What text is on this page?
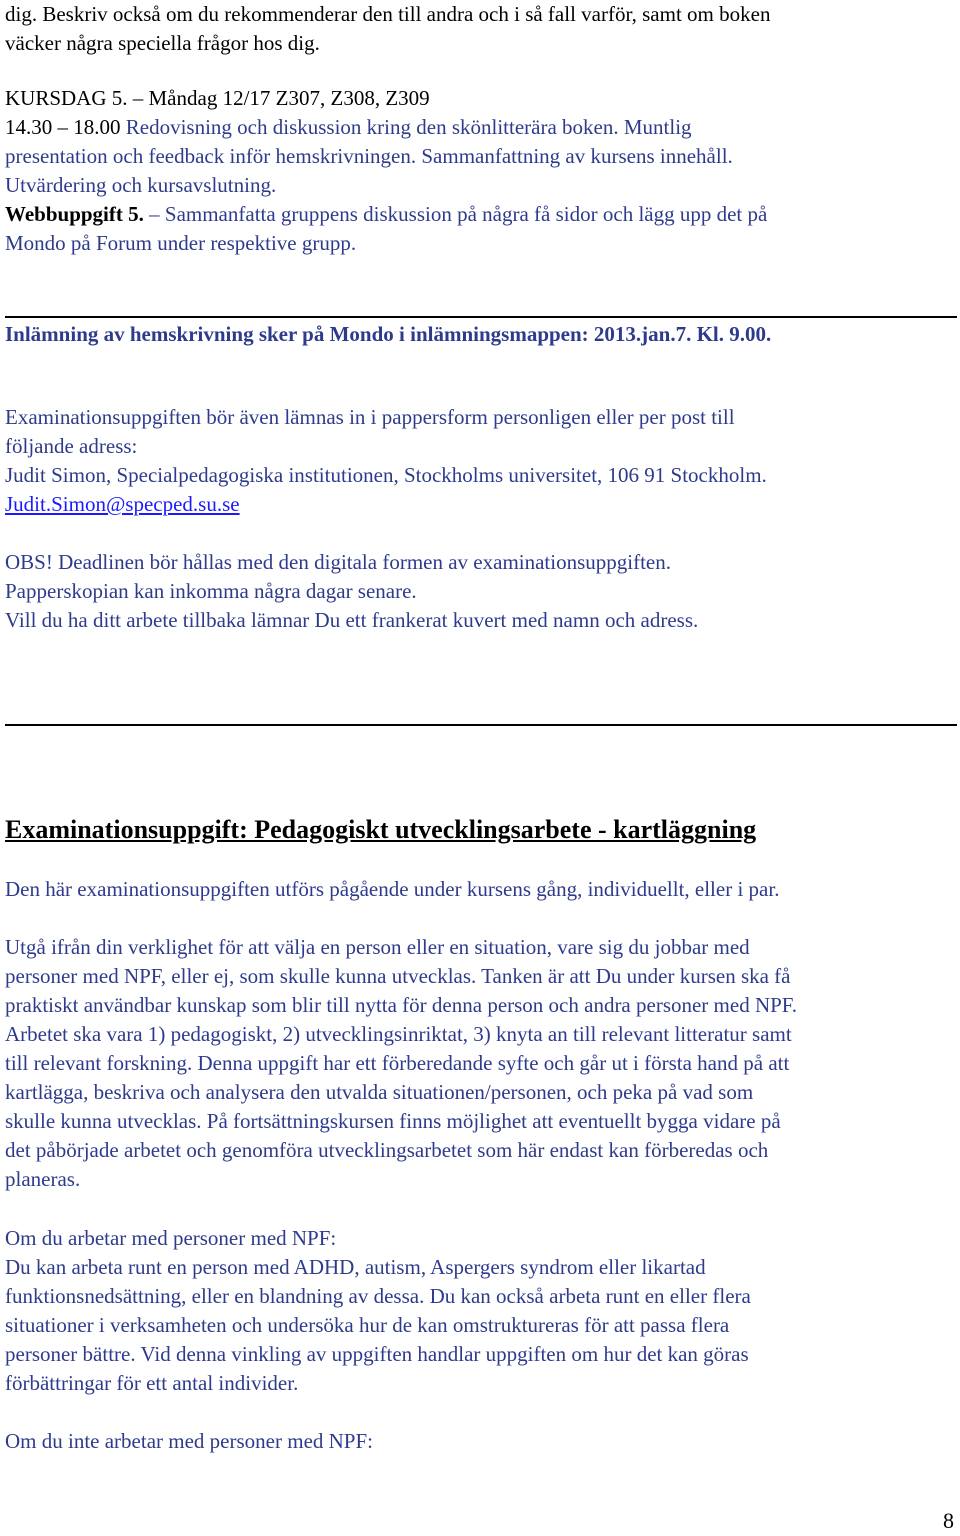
dig. Beskriv också om du rekommenderar den till andra och i så fall varför, samt om boken
väcker några speciella frågor hos dig.
KURSDAG 5. – Måndag 12/17 Z307, Z308, Z309
14.30 – 18.00 Redovisning och diskussion kring den skönlitterära boken. Muntlig
presentation och feedback inför hemskrivningen. Sammanfattning av kursens innehåll.
Utvärdering och kursavslutning.
Webbuppgift 5. – Sammanfatta gruppens diskussion på några få sidor och lägg upp det på
Mondo på Forum under respektive grupp.
Inlämning av hemskrivning sker på Mondo i inlämningsmappen: 2013.jan.7. Kl. 9.00.
Examinationsuppgiften bör även lämnas in i pappersform personligen eller per post till
följande adress:
Judit Simon, Specialpedagogiska institutionen, Stockholms universitet, 106 91 Stockholm.
Judit.Simon@specped.su.se
OBS! Deadlinen bör hållas med den digitala formen av examinationsuppgiften.
Papperskopian kan inkomma några dagar senare.
Vill du ha ditt arbete tillbaka lämnar Du ett frankerat kuvert med namn och adress.
Examinationsuppgift: Pedagogiskt utvecklingsarbete - kartläggning
Den här examinationsuppgiften utförs pågående under kursens gång, individuellt, eller i par.
Utgå ifrån din verklighet för att välja en person eller en situation, vare sig du jobbar med
personer med NPF, eller ej, som skulle kunna utvecklas. Tanken är att Du under kursen ska få
praktiskt användbar kunskap som blir till nytta för denna person och andra personer med NPF.
Arbetet ska vara 1) pedagogiskt, 2) utvecklingsinriktat, 3) knyta an till relevant litteratur samt
till relevant forskning. Denna uppgift har ett förberedande syfte och går ut i första hand på att
kartlägga, beskriva och analysera den utvalda situationen/personen, och peka på vad som
skulle kunna utvecklas. På fortsättningskursen finns möjlighet att eventuellt bygga vidare på
det påbörjade arbetet och genomföra utvecklingsarbetet som här endast kan förberedas och
planeras.
Om du arbetar med personer med NPF:
Du kan arbeta runt en person med ADHD, autism, Aspergers syndrom eller likartad
funktionsnedsättning, eller en blandning av dessa. Du kan också arbeta runt en eller flera
situationer i verksamheten och undersöka hur de kan omstruktureras för att passa flera
personer bättre. Vid denna vinkling av uppgiften handlar uppgiften om hur det kan göras
förbättringar för ett antal individer.
Om du inte arbetar med personer med NPF:
8
